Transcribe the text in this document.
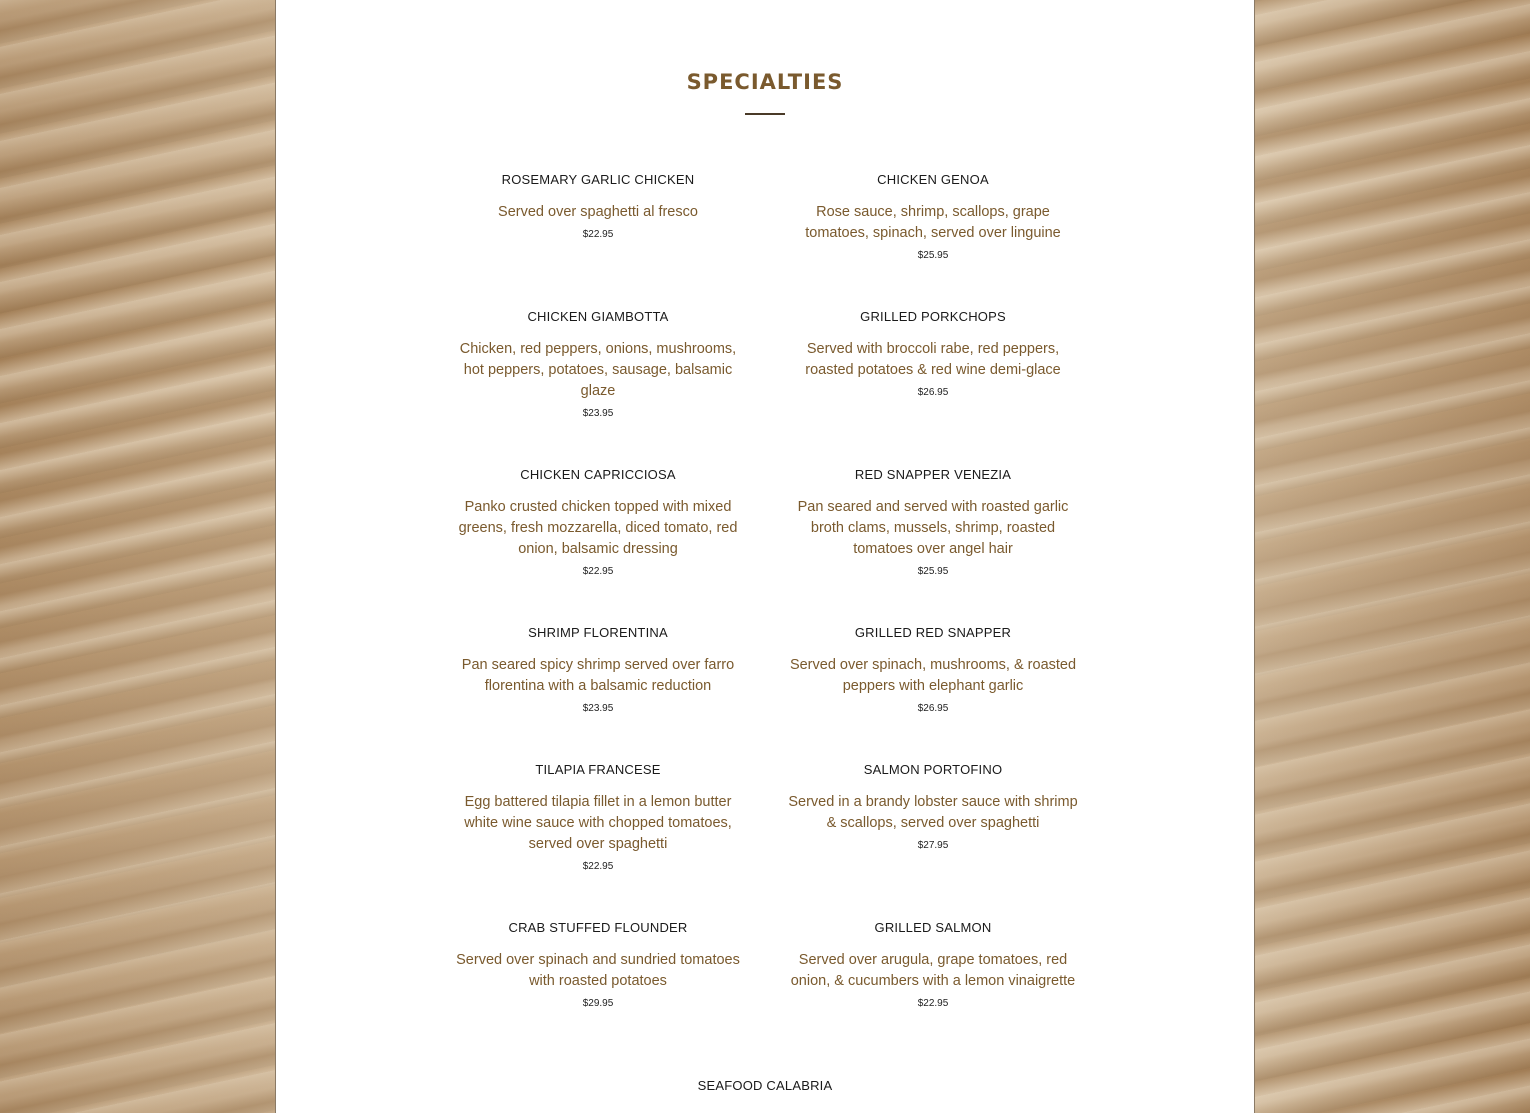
SPECIALTIES
ROSEMARY GARLIC CHICKEN
Served over spaghetti al fresco
$22.95
CHICKEN GENOA
Rose sauce, shrimp, scallops, grape tomatoes, spinach, served over linguine
$25.95
CHICKEN GIAMBOTTA
Chicken, red peppers, onions, mushrooms, hot peppers, potatoes, sausage, balsamic glaze
$23.95
GRILLED PORKCHOPS
Served with broccoli rabe, red peppers, roasted potatoes & red wine demi-glace
$26.95
CHICKEN CAPRICCIOSA
Panko crusted chicken topped with mixed greens, fresh mozzarella, diced tomato, red onion, balsamic dressing
$22.95
RED SNAPPER VENEZIA
Pan seared and served with roasted garlic broth clams, mussels, shrimp, roasted tomatoes over angel hair
$25.95
SHRIMP FLORENTINA
Pan seared spicy shrimp served over farro florentina with a balsamic reduction
$23.95
GRILLED RED SNAPPER
Served over spinach, mushrooms, & roasted peppers with elephant garlic
$26.95
TILAPIA FRANCESE
Egg battered tilapia fillet in a lemon butter white wine sauce with chopped tomatoes, served over spaghetti
$22.95
SALMON PORTOFINO
Served in a brandy lobster sauce with shrimp & scallops, served over spaghetti
$27.95
CRAB STUFFED FLOUNDER
Served over spinach and sundried tomatoes with roasted potatoes
$29.95
GRILLED SALMON
Served over arugula, grape tomatoes, red onion, & cucumbers with a lemon vinaigrette
$22.95
SEAFOOD CALABRIA
